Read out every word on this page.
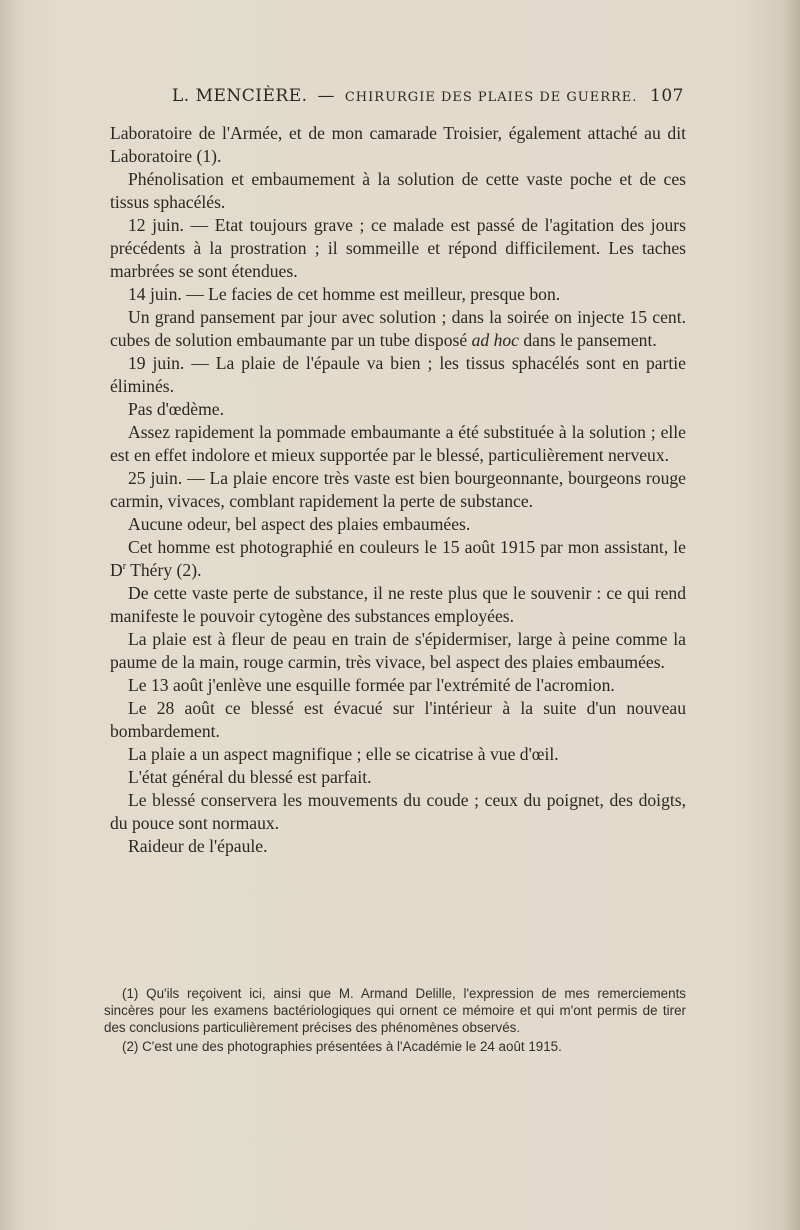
L. MENCIÈRE. — CHIRURGIE DES PLAIES DE GUERRE. 107

Laboratoire de l'Armée, et de mon camarade Troisier, également attaché au dit Laboratoire (1).

Phénolisation et embaumement à la solution de cette vaste poche et de ces tissus sphacélés.

12 juin. — Etat toujours grave ; ce malade est passé de l'agitation des jours précédents à la prostration ; il sommeille et répond difficilement. Les taches marbrées se sont étendues.

14 juin. — Le facies de cet homme est meilleur, presque bon.

Un grand pansement par jour avec solution ; dans la soirée on injecte 15 cent. cubes de solution embaumante par un tube disposé ad hoc dans le pansement.

19 juin. — La plaie de l'épaule va bien ; les tissus sphacélés sont en partie éliminés.

Pas d'œdème.

Assez rapidement la pommade embaumante a été substituée à la solution ; elle est en effet indolore et mieux supportée par le blessé, particulièrement nerveux.

25 juin. — La plaie encore très vaste est bien bourgeonnante, bourgeons rouge carmin, vivaces, comblant rapidement la perte de substance.

Aucune odeur, bel aspect des plaies embaumées.

Cet homme est photographié en couleurs le 15 août 1915 par mon assistant, le $D^r$ Théry (2).

De cette vaste perte de substance, il ne reste plus que le souvenir : ce qui rend manifeste le pouvoir cytogène des substances employées.

La plaie est à fleur de peau en train de s'épidermiser, large à peine comme la paume de la main, rouge carmin, très vivace, bel aspect des plaies embaumées.

Le 13 août j'enlève une esquille formée par l'extrémité de l'acromion.

Le 28 août ce blessé est évacué sur l'intérieur à la suite d'un nouveau bombardement.

La plaie a un aspect magnifique ; elle se cicatrise à vue d'œil.

L'état général du blessé est parfait.

Le blessé conservera les mouvements du coude ; ceux du poignet, des doigts, du pouce sont normaux.

Raideur de l'épaule.

(1) Qu'ils reçoivent ici, ainsi que M. Armand Delille, l'expression de mes remerciements sincères pour les examens bactériologiques qui ornent ce mémoire et qui m'ont permis de tirer des conclusions particulièrement précises des phénomènes observés.

(2) C'est une des photographies présentées à l'Académie le 24 août 1915.
